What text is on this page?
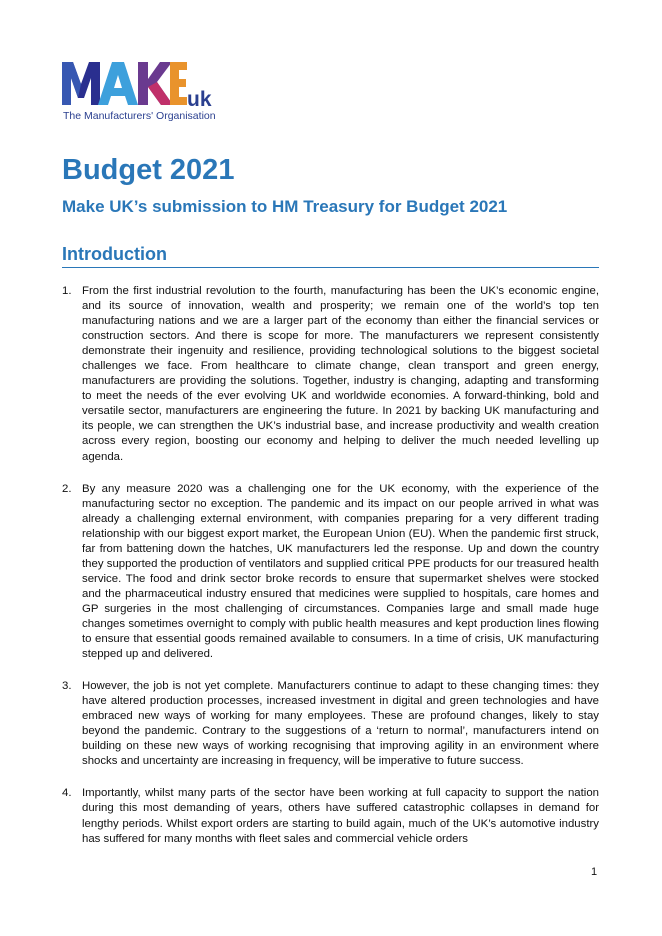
uk
The Manufacturers' Organisation
Budget 2021
Make UK’s submission to HM Treasury for Budget 2021
Introduction
1. From the first industrial revolution to the fourth, manufacturing has been the UK’s economic engine, and its source of innovation, wealth and prosperity; we remain one of the world’s top ten manufacturing nations and we are a larger part of the economy than either the financial services or construction sectors. And there is scope for more. The manufacturers we represent consistently demonstrate their ingenuity and resilience, providing technological solutions to the biggest societal challenges we face. From healthcare to climate change, clean transport and green energy, manufacturers are providing the solutions. Together, industry is changing, adapting and transforming to meet the needs of the ever evolving UK and worldwide economies. A forward-thinking, bold and versatile sector, manufacturers are engineering the future. In 2021 by backing UK manufacturing and its people, we can strengthen the UK’s industrial base, and increase productivity and wealth creation across every region, boosting our economy and helping to deliver the much needed levelling up agenda.
2. By any measure 2020 was a challenging one for the UK economy, with the experience of the manufacturing sector no exception. The pandemic and its impact on our people arrived in what was already a challenging external environment, with companies preparing for a very different trading relationship with our biggest export market, the European Union (EU). When the pandemic first struck, far from battening down the hatches, UK manufacturers led the response. Up and down the country they supported the production of ventilators and supplied critical PPE products for our treasured health service. The food and drink sector broke records to ensure that supermarket shelves were stocked and the pharmaceutical industry ensured that medicines were supplied to hospitals, care homes and GP surgeries in the most challenging of circumstances. Companies large and small made huge changes sometimes overnight to comply with public health measures and kept production lines flowing to ensure that essential goods remained available to consumers. In a time of crisis, UK manufacturing stepped up and delivered.
3. However, the job is not yet complete. Manufacturers continue to adapt to these changing times: they have altered production processes, increased investment in digital and green technologies and have embraced new ways of working for many employees. These are profound changes, likely to stay beyond the pandemic. Contrary to the suggestions of a ‘return to normal’, manufacturers intend on building on these new ways of working recognising that improving agility in an environment where shocks and uncertainty are increasing in frequency, will be imperative to future success.
4. Importantly, whilst many parts of the sector have been working at full capacity to support the nation during this most demanding of years, others have suffered catastrophic collapses in demand for lengthy periods. Whilst export orders are starting to build again, much of the UK’s automotive industry has suffered for many months with fleet sales and commercial vehicle orders
1
